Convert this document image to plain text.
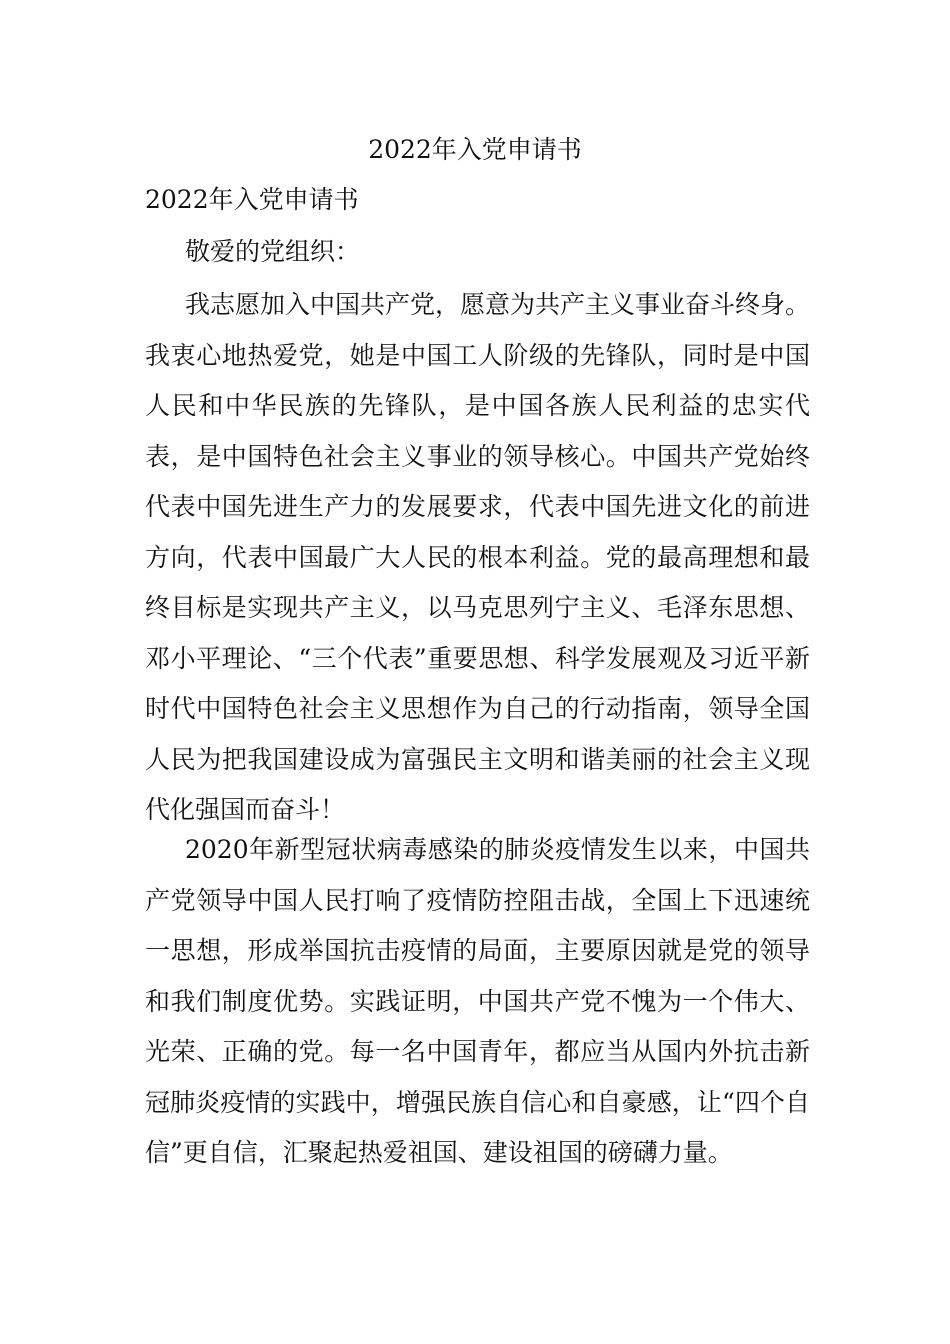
2022年入党申请书

2022年入党申请书

敬爱的党组织：

我志愿加入中国共产党，愿意为共产主义事业奋斗终身。我衷心地热爱党，她是中国工人阶级的先锋队，同时是中国人民和中华民族的先锋队，是中国各族人民利益的忠实代表，是中国特色社会主义事业的领导核心。中国共产党始终代表中国先进生产力的发展要求，代表中国先进文化的前进方向，代表中国最广大人民的根本利益。党的最高理想和最终目标是实现共产主义，以马克思列宁主义、毛泽东思想、邓小平理论、“三个代表”重要思想、科学发展观及习近平新时代中国特色社会主义思想作为自己的行动指南，领导全国人民为把我国建设成为富强民主文明和谐美丽的社会主义现代化强国而奋斗！

2020年新型冠状病毒感染的肺炎疫情发生以来，中国共产党领导中国人民打响了疫情防控阻击战，全国上下迅速统一思想，形成举国抗击疫情的局面，主要原因就是党的领导和我们制度优势。实践证明，中国共产党不愧为一个伟大、光荣、正确的党。每一名中国青年，都应当从国内外抗击新冠肺炎疫情的实践中，增强民族自信心和自豪感，让“四个自信”更自信，汇聚起热爱祖国、建设祖国的磅礴力量。
